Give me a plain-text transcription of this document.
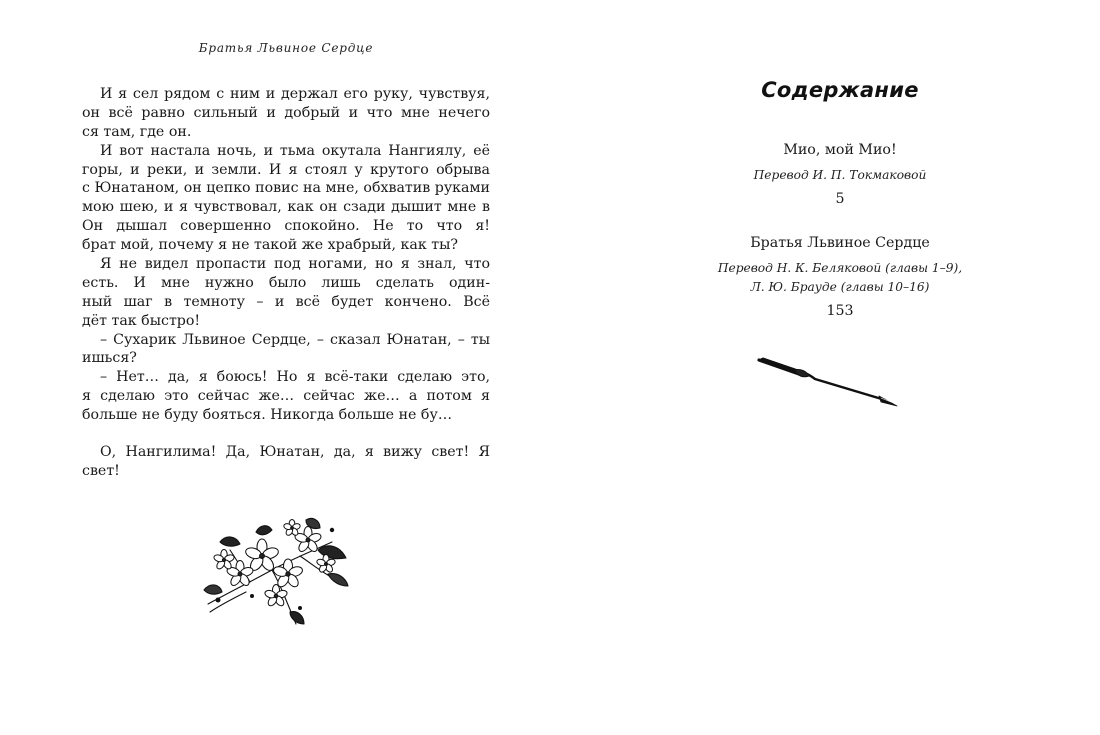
Братья Львиное Сердце
И я сел рядом с ним и держал его руку, чувствуя,
он всё равно сильный и добрый и что мне нечего
ся там, где он.
И вот настала ночь, и тьма окутала Нангиялу, её
горы, и реки, и земли. И я стоял у крутого обрыва
с Юнатаном, он цепко повис на мне, обхватив руками
мою шею, и я чувствовал, как он сзади дышит мне в
Он дышал совершенно спокойно. Не то что я!
брат мой, почему я не такой же храбрый, как ты?
Я не видел пропасти под ногами, но я знал, что
есть. И мне нужно было лишь сделать один-
ный шаг в темноту – и всё будет кончено. Всё
дёт так быстро!
– Сухарик Львиное Сердце, – сказал Юнатан, – ты
ишься?
– Нет… да, я боюсь! Но я всё-таки сделаю это,
я сделаю это сейчас же… сейчас же… а потом я
больше не буду бояться. Никогда больше не бу…
О, Нангилима! Да, Юнатан, да, я вижу свет! Я
свет!
Содержание
Мио, мой Мио!
Перевод И. П. Токмаковой
5
Братья Львиное Сердце
Перевод Н. К. Беляковой (главы 1–9),
Л. Ю. Брауде (главы 10–16)
153
